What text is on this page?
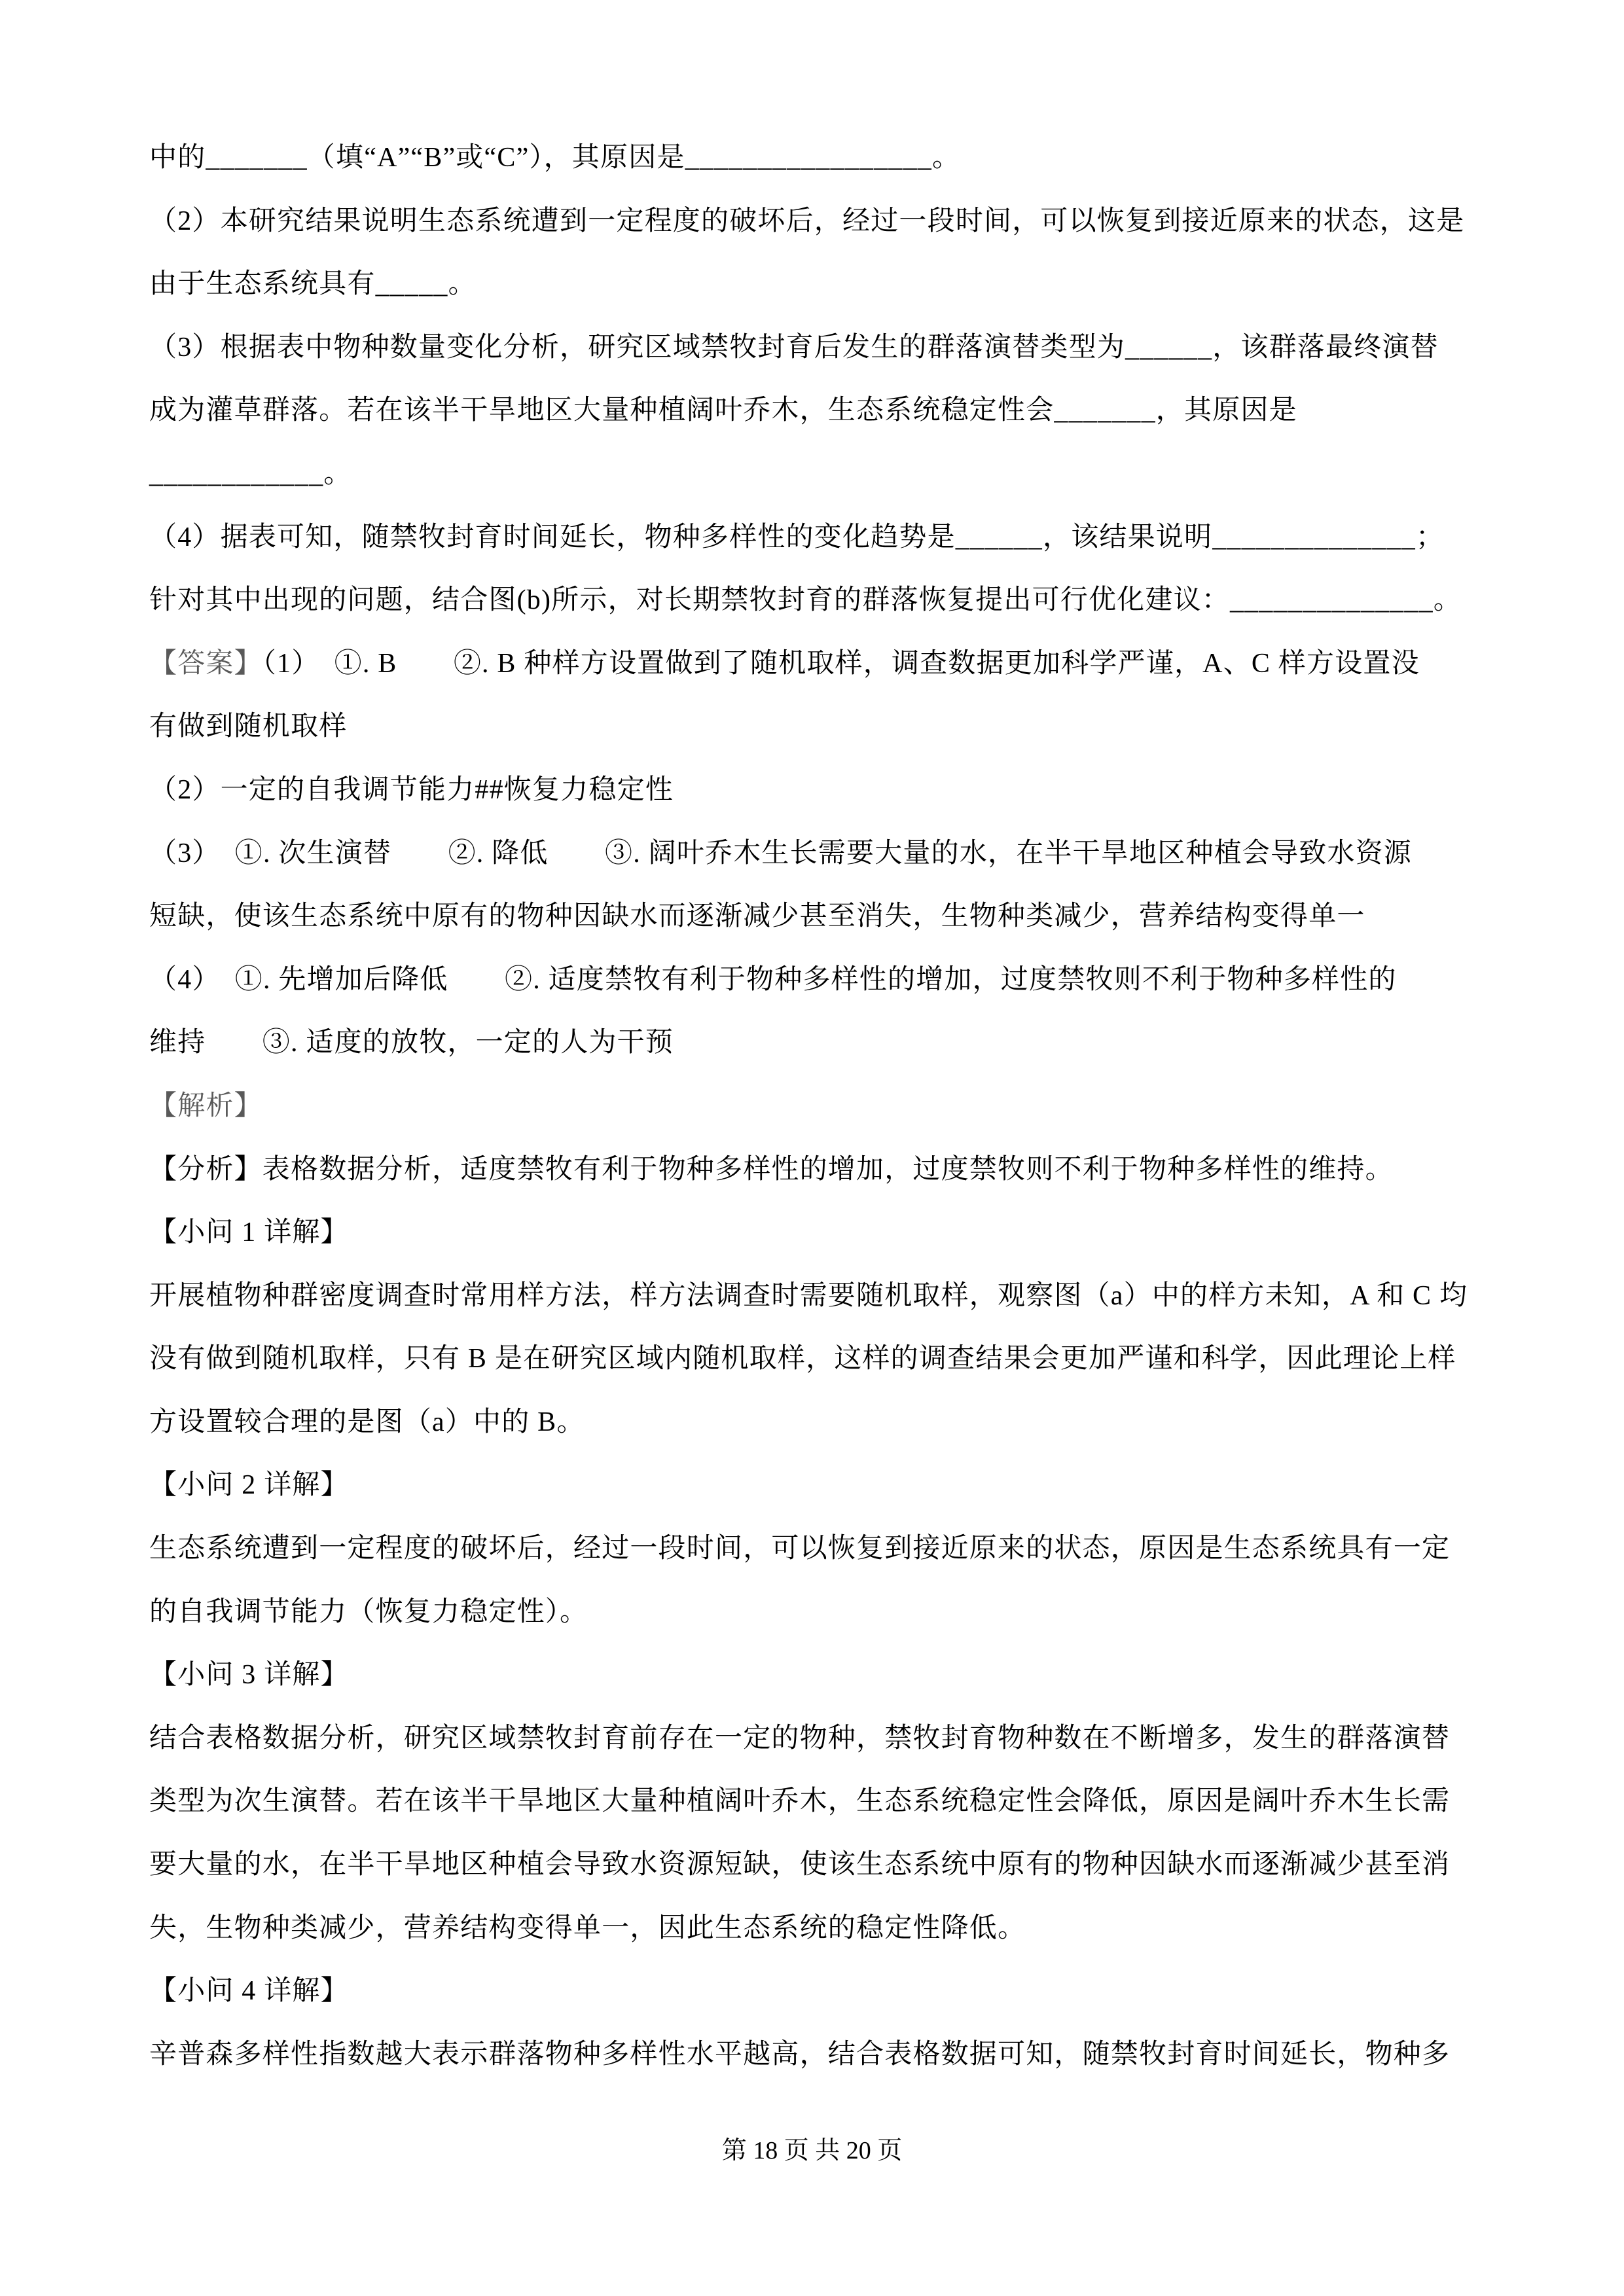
中的_______（填“A”“B”或“C”），其原因是_________________。
（2）本研究结果说明生态系统遭到一定程度的破坏后，经过一段时间，可以恢复到接近原来的状态，这是
由于生态系统具有_____。
（3）根据表中物种数量变化分析，研究区域禁牧封育后发生的群落演替类型为______，该群落最终演替
成为灌草群落。若在该半干旱地区大量种植阔叶乔木，生态系统稳定性会_______，其原因是
____________。
（4）据表可知，随禁牧封育时间延长，物种多样性的变化趋势是______，该结果说明______________；
针对其中出现的问题，结合图(b)所示，对长期禁牧封育的群落恢复提出可行优化建议：______________。
【答案】（1）　①. B　　②. B 种样方设置做到了随机取样，调查数据更加科学严谨，A、C 样方设置没
有做到随机取样
（2）一定的自我调节能力##恢复力稳定性
（3）　①. 次生演替　　②. 降低　　③. 阔叶乔木生长需要大量的水，在半干旱地区种植会导致水资源
短缺，使该生态系统中原有的物种因缺水而逐渐减少甚至消失，生物种类减少，营养结构变得单一
（4）　①. 先增加后降低　　②. 适度禁牧有利于物种多样性的增加，过度禁牧则不利于物种多样性的
维持　　③. 适度的放牧，一定的人为干预
【解析】
【分析】表格数据分析，适度禁牧有利于物种多样性的增加，过度禁牧则不利于物种多样性的维持。
【小问 1 详解】
开展植物种群密度调查时常用样方法，样方法调查时需要随机取样，观察图（a）中的样方未知，A 和 C 均
没有做到随机取样，只有 B 是在研究区域内随机取样，这样的调查结果会更加严谨和科学，因此理论上样
方设置较合理的是图（a）中的 B。
【小问 2 详解】
生态系统遭到一定程度的破坏后，经过一段时间，可以恢复到接近原来的状态，原因是生态系统具有一定
的自我调节能力（恢复力稳定性）。
【小问 3 详解】
结合表格数据分析，研究区域禁牧封育前存在一定的物种，禁牧封育物种数在不断增多，发生的群落演替
类型为次生演替。若在该半干旱地区大量种植阔叶乔木，生态系统稳定性会降低，原因是阔叶乔木生长需
要大量的水，在半干旱地区种植会导致水资源短缺，使该生态系统中原有的物种因缺水而逐渐减少甚至消
失，生物种类减少，营养结构变得单一，因此生态系统的稳定性降低。
【小问 4 详解】
辛普森多样性指数越大表示群落物种多样性水平越高，结合表格数据可知，随禁牧封育时间延长，物种多
第 18 页 共 20 页
